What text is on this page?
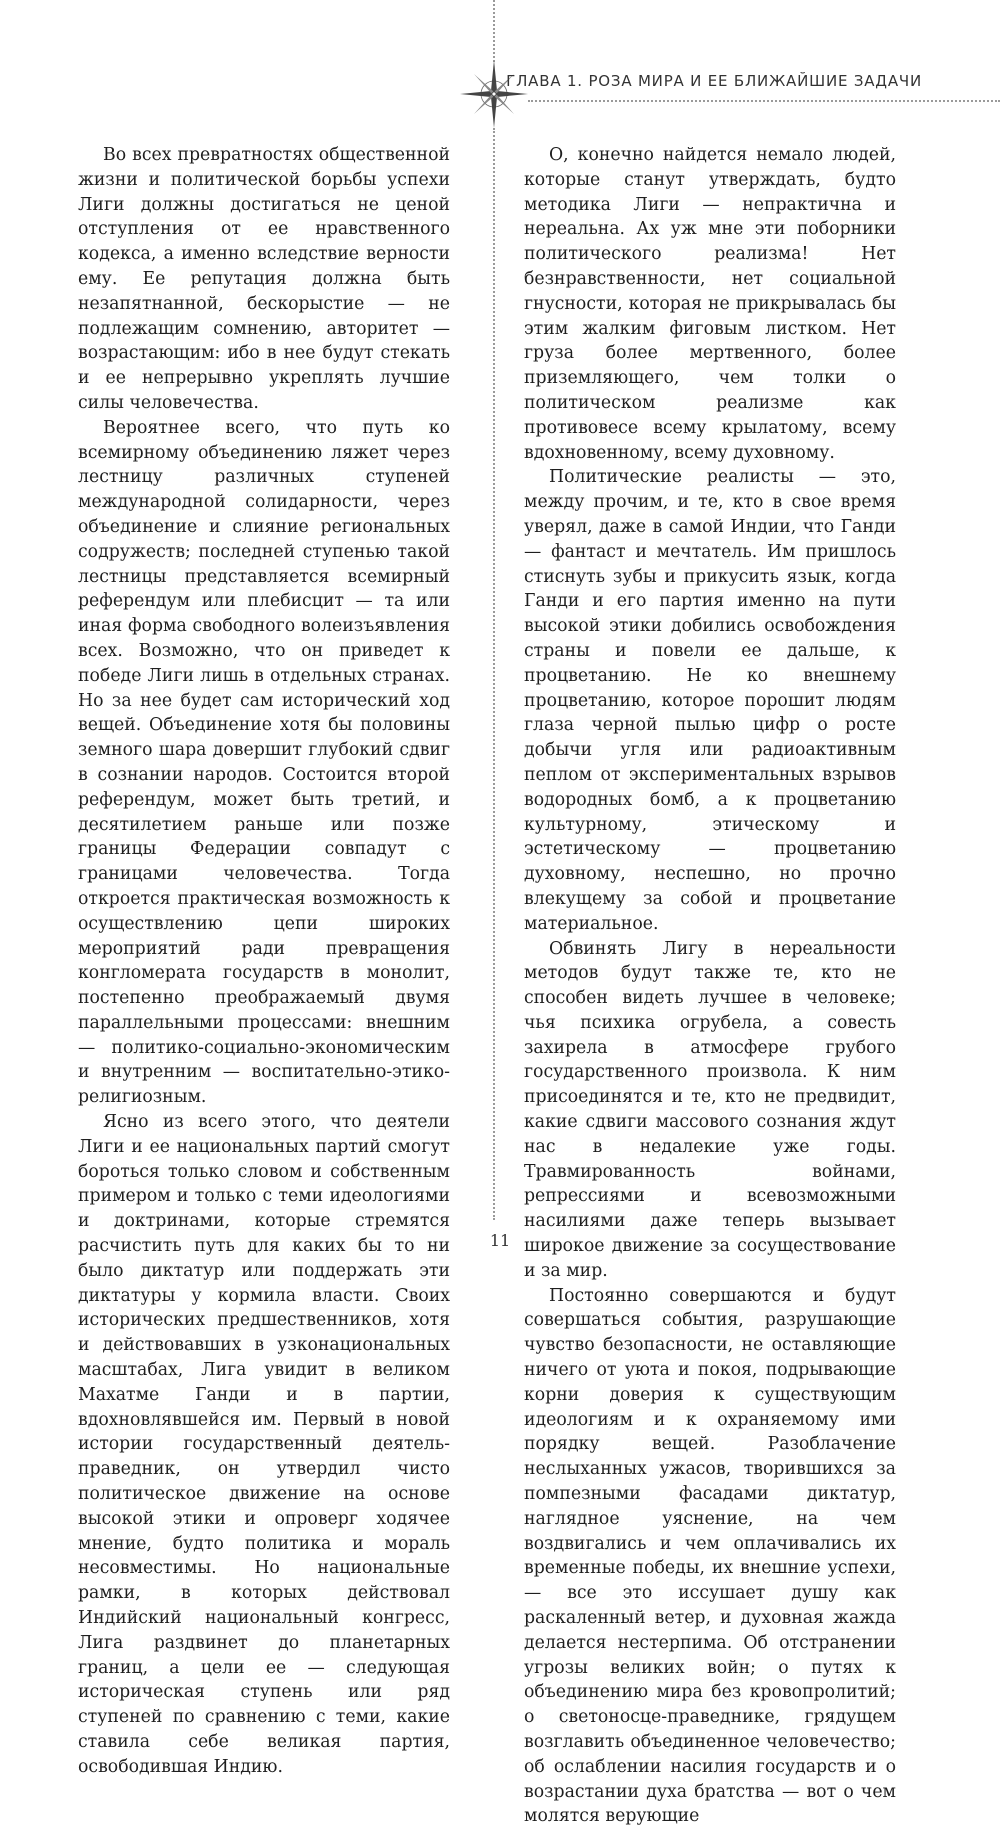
ГЛАВА 1. РОЗА МИРА И ЕЕ БЛИЖАЙШИЕ ЗАДАЧИ

Во всех превратностях общественной жизни и политической борьбы успехи Лиги должны достигаться не ценой отступления от ее нравственного кодекса, а именно вследствие верности ему. Ее репутация должна быть незапятнанной, бескорыстие — не подлежащим сомнению, авторитет — возрастающим: ибо в нее будут стекать и ее непрерывно укреплять лучшие силы человечества.

Вероятнее всего, что путь ко всемирному объединению ляжет через лестницу различных ступеней международной солидарности, через объединение и слияние региональных содружеств; последней ступенью такой лестницы представляется всемирный референдум или плебисцит — та или иная форма свободного волеизъявления всех. Возможно, что он приведет к победе Лиги лишь в отдельных странах. Но за нее будет сам исторический ход вещей. Объединение хотя бы половины земного шара довершит глубокий сдвиг в сознании народов. Состоится второй референдум, может быть третий, и десятилетием раньше или позже границы Федерации совпадут с границами человечества. Тогда откроется практическая возможность к осуществлению цепи широких мероприятий ради превращения конгломерата государств в монолит, постепенно преображаемый двумя параллельными процессами: внешним — политико-социально-экономическим и внутренним — воспитательно-этико-религиозным.

Ясно из всего этого, что деятели Лиги и ее национальных партий смогут бороться только словом и собственным примером и только с теми идеологиями и доктринами, которые стремятся расчистить путь для каких бы то ни было диктатур или поддержать эти диктатуры у кормила власти. Своих исторических предшественников, хотя и действовавших в узконациональных масштабах, Лига увидит в великом Махатме Ганди и в партии, вдохновлявшейся им. Первый в новой истории государственный деятель-праведник, он утвердил чисто политическое движение на основе высокой этики и опроверг ходячее мнение, будто политика и мораль несовместимы. Но национальные рамки, в которых действовал Индийский национальный конгресс, Лига раздвинет до планетарных границ, а цели ее — следующая историческая ступень или ряд ступеней по сравнению с теми, какие ставила себе великая партия, освободившая Индию.

О, конечно найдется немало людей, которые станут утверждать, будто методика Лиги — непрактична и нереальна. Ах уж мне эти поборники политического реализма! Нет безнравственности, нет социальной гнусности, которая не прикрывалась бы этим жалким фиговым листком. Нет груза более мертвенного, более приземляющего, чем толки о политическом реализме как противовесе всему крылатому, всему вдохновенному, всему духовному.

Политические реалисты — это, между прочим, и те, кто в свое время уверял, даже в самой Индии, что Ганди — фантаст и мечтатель. Им пришлось стиснуть зубы и прикусить язык, когда Ганди и его партия именно на пути высокой этики добились освобождения страны и повели ее дальше, к процветанию. Не ко внешнему процветанию, которое порошит людям глаза черной пылью цифр о росте добычи угля или радиоактивным пеплом от экспериментальных взрывов водородных бомб, а к процветанию культурному, этическому и эстетическому — процветанию духовному, неспешно, но прочно влекущему за собой и процветание материальное.

Обвинять Лигу в нереальности методов будут также те, кто не способен видеть лучшее в человеке; чья психика огрубела, а совесть захирела в атмосфере грубого государственного произвола. К ним присоединятся и те, кто не предвидит, какие сдвиги массового сознания ждут нас в недалекие уже годы. Травмированность войнами, репрессиями и всевозможными насилиями даже теперь вызывает широкое движение за сосуществование и за мир.

Постоянно совершаются и будут совершаться события, разрушающие чувство безопасности, не оставляющие ничего от уюта и покоя, подрывающие корни доверия к существующим идеологиям и к охраняемому ими порядку вещей. Разоблачение неслыханных ужасов, творившихся за помпезными фасадами диктатур, наглядное уяснение, на чем воздвигались и чем оплачивались их временные победы, их внешние успехи, — все это иссушает душу как раскаленный ветер, и духовная жажда делается нестерпима. Об отстранении угрозы великих войн; о путях к объединению мира без кровопролитий; о светоносце-праведнике, грядущем возглавить объединенное человечество; об ослаблении насилия государств и о возрастании духа братства — вот о чем молятся верующие

11
